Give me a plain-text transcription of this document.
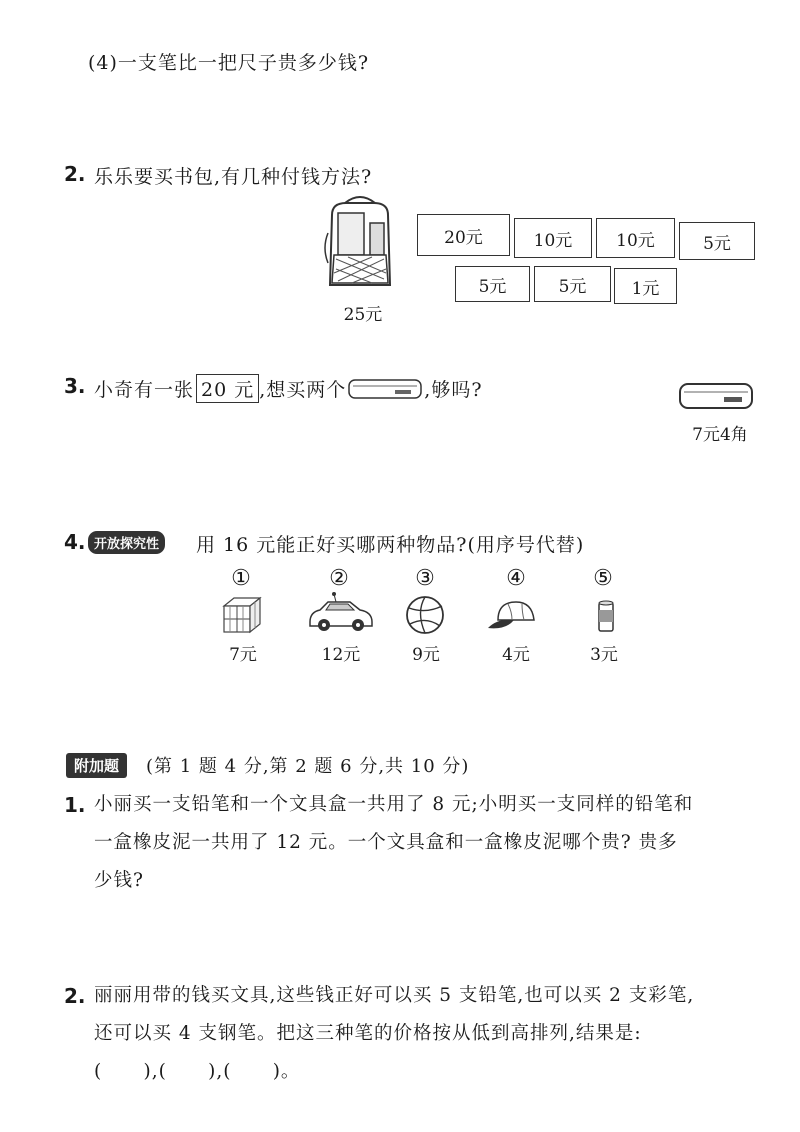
(4)一支笔比一把尺子贵多少钱?
2. 乐乐要买书包,有几种付钱方法?
25元
20元	10元	10元	5元
5元	5元	1元
3. 小奇有一张 20 元 ,想买两个	,够吗?
7元4角
4. 开放探究性	用 16 元能正好买哪两种物品?(用序号代替)
①	②	③	④	⑤
7元	12元	9元	4元	3元
附加题	(第 1 题 4 分,第 2 题 6 分,共 10 分)
1. 小丽买一支铅笔和一个文具盒一共用了 8 元;小明买一支同样的铅笔和
一盒橡皮泥一共用了 12 元。一个文具盒和一盒橡皮泥哪个贵? 贵多
少钱?
2. 丽丽用带的钱买文具,这些钱正好可以买 5 支铅笔,也可以买 2 支彩笔,
还可以买 4 支钢笔。把这三种笔的价格按从低到高排列,结果是:
(      ),(      ),(      )。
